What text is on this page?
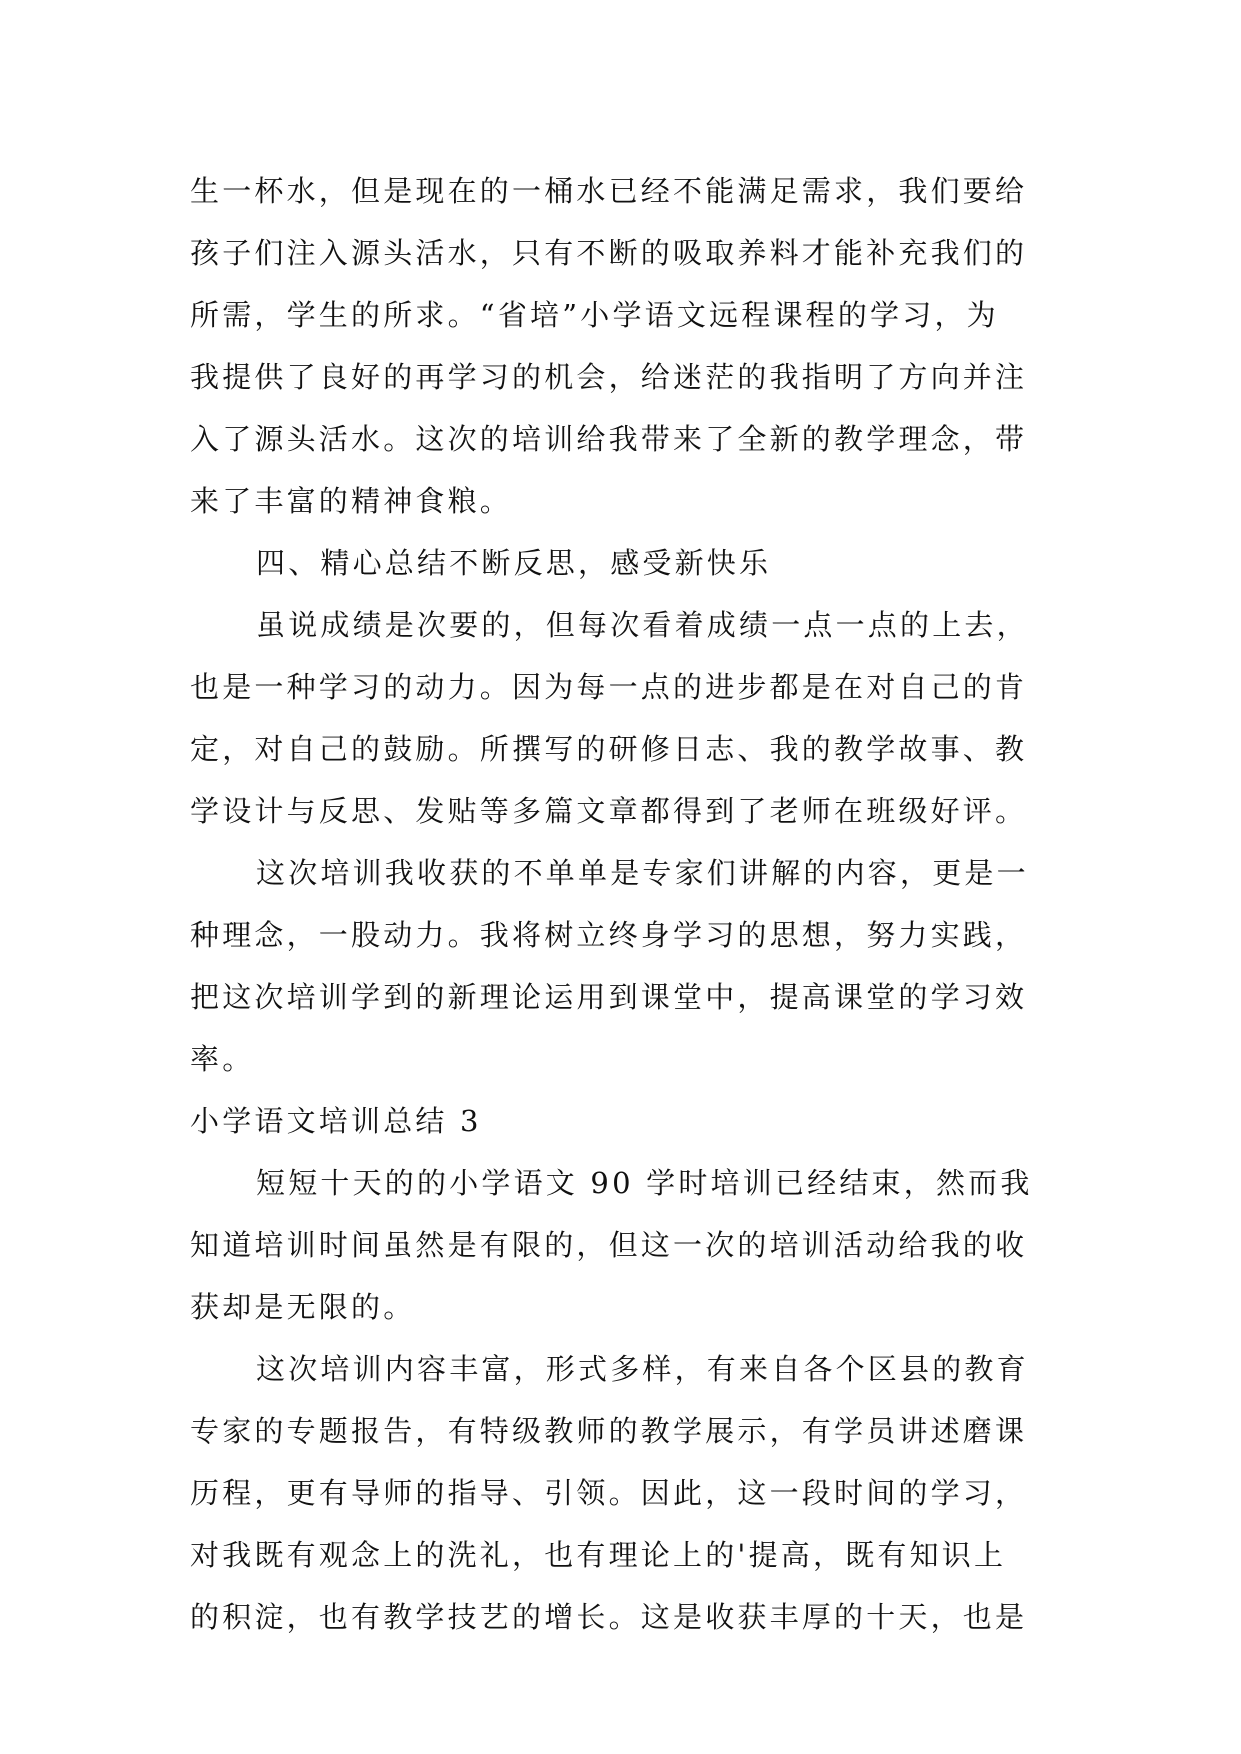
生一杯水，但是现在的一桶水已经不能满足需求，我们要给
孩子们注入源头活水，只有不断的吸取养料才能补充我们的
所需，学生的所求。“省培”小学语文远程课程的学习，为
我提供了良好的再学习的机会，给迷茫的我指明了方向并注
入了源头活水。这次的培训给我带来了全新的教学理念，带
来了丰富的精神食粮。
四、精心总结不断反思，感受新快乐
虽说成绩是次要的，但每次看着成绩一点一点的上去，
也是一种学习的动力。因为每一点的进步都是在对自己的肯
定，对自己的鼓励。所撰写的研修日志、我的教学故事、教
学设计与反思、发贴等多篇文章都得到了老师在班级好评。
这次培训我收获的不单单是专家们讲解的内容，更是一
种理念，一股动力。我将树立终身学习的思想，努力实践，
把这次培训学到的新理论运用到课堂中，提高课堂的学习效
率。
小学语文培训总结 3
短短十天的的小学语文 90 学时培训已经结束，然而我
知道培训时间虽然是有限的，但这一次的培训活动给我的收
获却是无限的。
这次培训内容丰富，形式多样，有来自各个区县的教育
专家的专题报告，有特级教师的教学展示，有学员讲述磨课
历程，更有导师的指导、引领。因此，这一段时间的学习，
对我既有观念上的洗礼，也有理论上的'提高，既有知识上
的积淀，也有教学技艺的增长。这是收获丰厚的十天，也是
